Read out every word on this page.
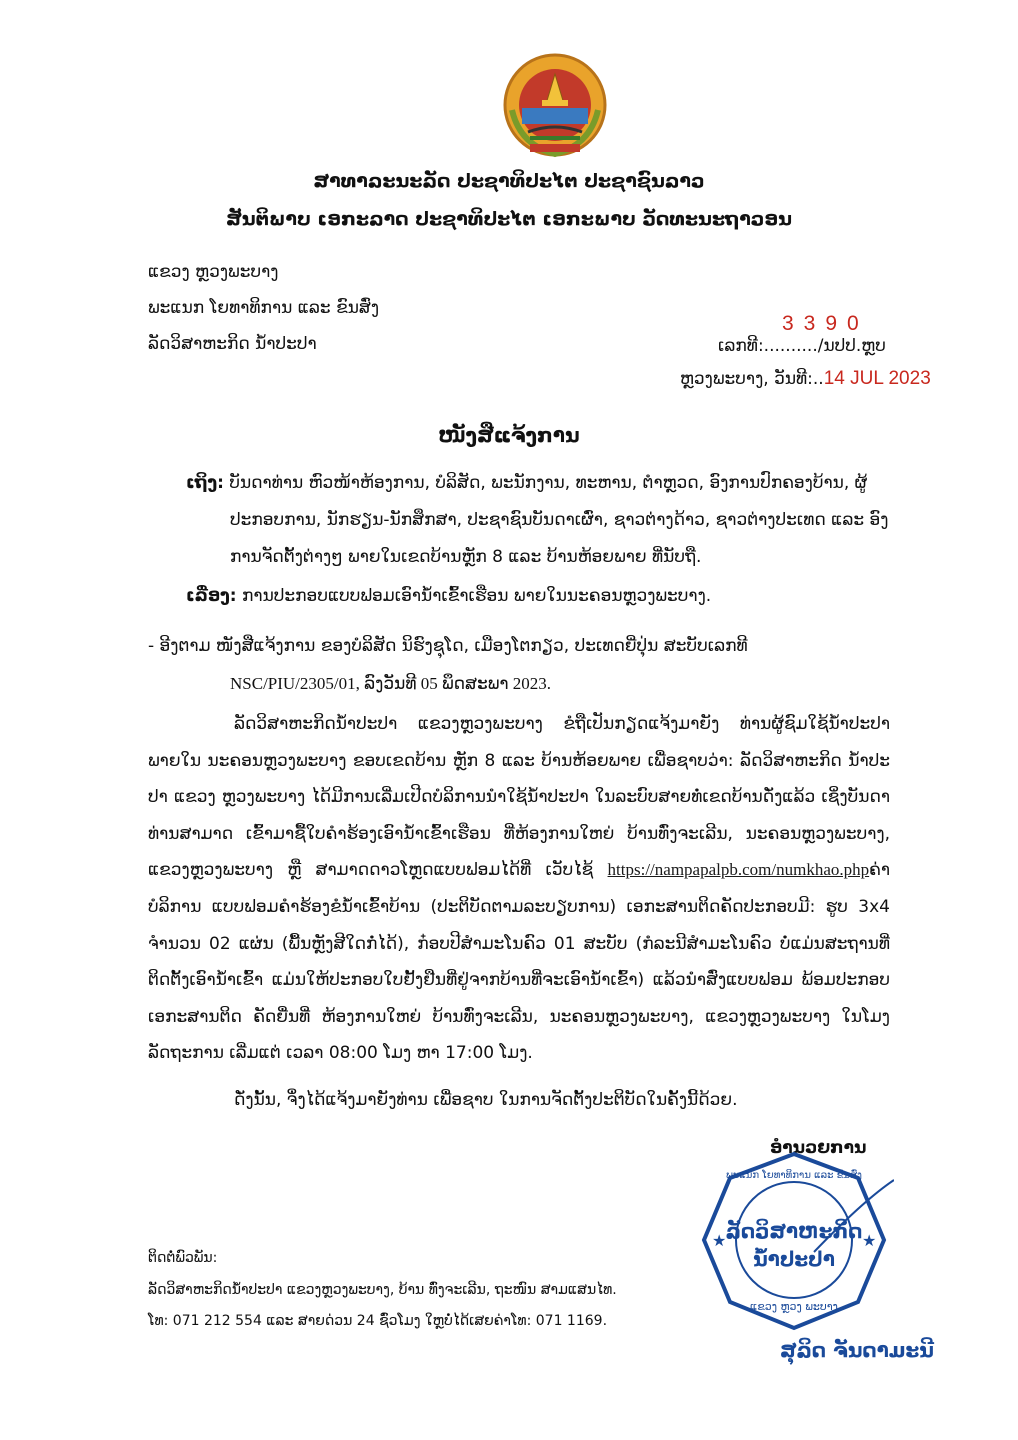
ສາທາລະນະລັດ ປະຊາທິປະໄຕ ປະຊາຊົນລາວ
ສັນຕິພາບ ເອກະລາດ ປະຊາທິປະໄຕ ເອກະພາບ ວັດທະນະຖາວອນ
ແຂວງ ຫຼວງພະບາງ
ພະແນກ ໂຍທາທິການ ແລະ ຂົນສົ່ງ
ລັດວິສາຫະກິດ ນ້ຳປະປາ
3390
ເລກທີ:........../ນປປ.ຫຼບ
ຫຼວງພະບາງ, ວັນທີ:..14 JUL 2023
ໜັງສືແຈ້ງການ
ເຖິງ: ບັນດາທ່ານ ຫົວໜ້າຫ້ອງການ, ບໍລິສັດ, ພະນັກງານ, ທະຫານ, ຕຳຫຼວດ, ອົງການປົກຄອງບ້ານ, ຜູ້
ປະກອບການ, ນັກຮຽນ-ນັກສຶກສາ, ປະຊາຊົນບັນດາເຜົ່າ, ຊາວຕ່າງດ້າວ, ຊາວຕ່າງປະເທດ ແລະ ອົງ
ການຈັດຕັ້ງຕ່າງໆ ພາຍໃນເຂດບ້ານຫຼັກ 8 ແລະ ບ້ານຫ້ອຍພາຍ ທີ່ນັບຖື.
ເລື່ອງ: ການປະກອບແບບຟອມເອົານ້ຳເຂົ້າເຮືອນ ພາຍໃນນະຄອນຫຼວງພະບາງ.
- ອີງຕາມ ໜັງສືແຈ້ງການ ຂອງບໍລິສັດ ນິຮົງຊຸໂດ, ເມືອງໂຕກຽວ, ປະເທດຍີ່ປຸ່ນ ສະບັບເລກທີ
NSC/PIU/2305/01, ລົງວັນທີ 05 ພຶດສະພາ 2023.
ລັດວິສາຫະກິດນ້ຳປະປາ ແຂວງຫຼວງພະບາງ ຂໍຖືເປັນກຽດແຈ້ງມາຍັງ ທ່ານຜູ້ຊົມໃຊ້ນ້ຳປະປາ ພາຍໃນ ນະຄອນຫຼວງພະບາງ ຂອບເຂດບ້ານ ຫຼັກ 8 ແລະ ບ້ານຫ້ອຍພາຍ ເພື່ອຊາບວ່າ: ລັດວິສາຫະກິດ ນ້ຳປະປາ ແຂວງ ຫຼວງພະບາງ ໄດ້ມີການເລີ່ມເປີດບໍລິການນຳໃຊ້ນ້ຳປະປາ ໃນລະບົບສາຍທໍ່ເຂດບ້ານດັ່ງແລ້ວ ເຊິ່ງບັນດາທ່ານສາມາດ ເຂົ້າມາຊື້ໃບຄຳຮ້ອງເອົານ້ຳເຂົ້າເຮືອນ ທີ່ຫ້ອງການໃຫຍ່ ບ້ານທົ່ງຈະເລີນ, ນະຄອນຫຼວງພະບາງ, ແຂວງຫຼວງພະບາງ ຫຼື ສາມາດດາວໂຫຼດແບບຟອມໄດ້ທີ່ ເວັບໄຊ້ https://nampapalpb.com/numkhao.phpຄ່າບໍລິການ ແບບຟອມຄຳຮ້ອງຂໍນ້ຳເຂົ້າບ້ານ (ປະຕິບັດຕາມລະບຽບການ) ເອກະສານຕິດຄັດປະກອບມີ: ຮູບ 3x4 ຈຳນວນ 02 ແຜ່ນ (ພື້ນຫຼັງສີໃດກໍ່ໄດ້), ກ໋ອບປີສຳມະໂນຄົວ 01 ສະບັບ (ກໍລະນີສຳມະໂນຄົວ ບໍ່ແມ່ນສະຖານທີ່ຕິດຕັ້ງເອົານ້ຳເຂົ້າ ແມ່ນໃຫ້ປະກອບໃບຢັ້ງຢືນທີ່ຢູ່ຈາກບ້ານທີ່ຈະເອົານ້ຳເຂົ້າ) ແລ້ວນຳສົ່ງແບບຟອມ ພ້ອມປະກອບເອກະສານຕິດ ຄັດຍື່ນທີ່ ຫ້ອງການໃຫຍ່ ບ້ານທົ່ງຈະເລີນ, ນະຄອນຫຼວງພະບາງ, ແຂວງຫຼວງພະບາງ ໃນໂມງລັດຖະການ ເລີ່ມແຕ່ ເວລາ 08:00 ໂມງ ຫາ 17:00 ໂມງ.
ດັ່ງນັ້ນ, ຈຶ່ງໄດ້ແຈ້ງມາຍັງທ່ານ ເພື່ອຊາບ ໃນການຈັດຕັ້ງປະຕິບັດໃນຄັ້ງນີ້ດ້ວຍ.
ອຳນວຍການ
★	★
ພະແນກ ໂຍທາທິການ ແລະ ຂົນສົ່ງ
ລັດວິສາຫະກິດ
ນ້ຳປະປາ
ແຂວງ ຫຼວງ ພະບາງ
ສຸລິດ ຈັນດາມະນີ
ຕິດຕໍ່ພົວພັນ:
ລັດວິສາຫະກິດນ້ຳປະປາ ແຂວງຫຼວງພະບາງ, ບ້ານ ທົ່ງຈະເລີນ, ຖະໜົນ ສາມແສນໄທ.
ໂທ: 071 212 554 ແລະ ສາຍດ່ວນ 24 ຊົ່ວໂມງ ໃຫຼບໍ່ໄດ້ເສຍຄ່າໂທ: 071 1169.
